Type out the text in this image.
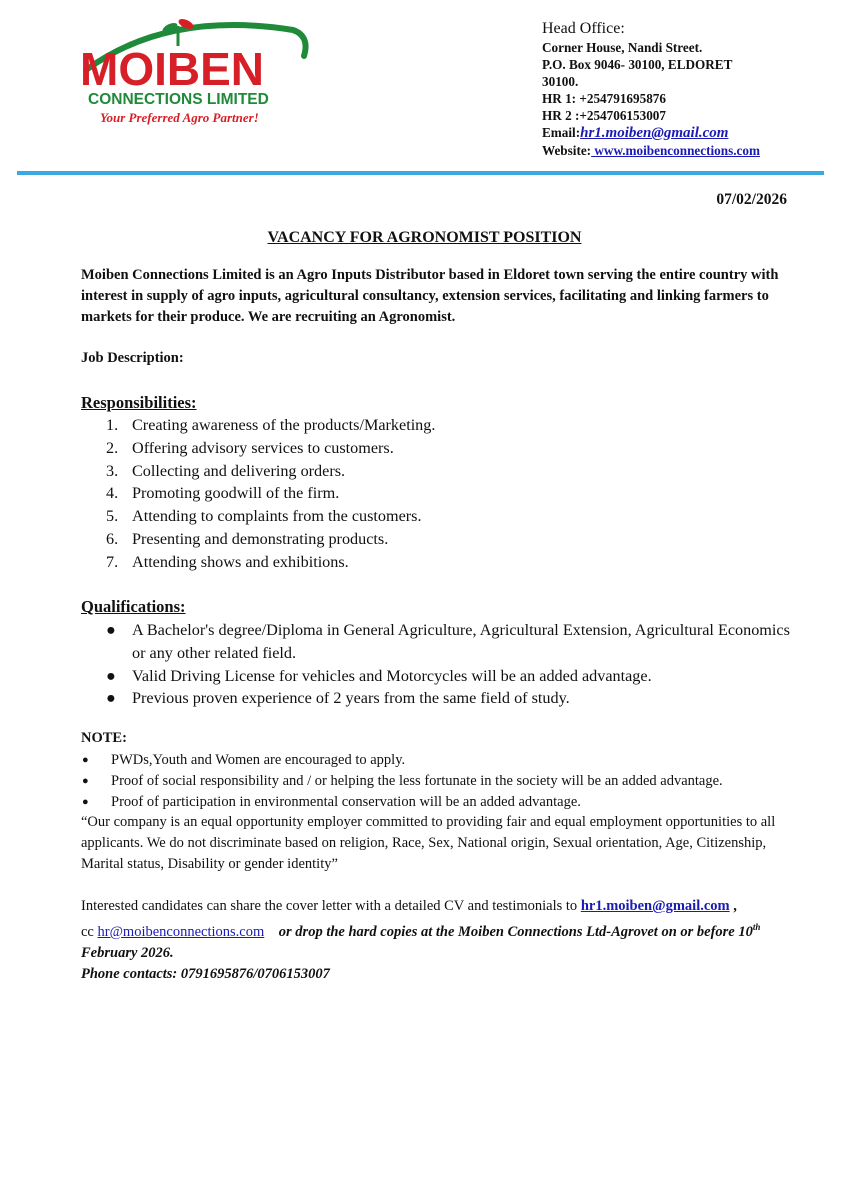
MOIBEN
CONNECTIONS LIMITED
Your Preferred Agro Partner!
Head Office:
Corner House, Nandi Street.
P.O. Box 9046- 30100, ELDORET
30100.
HR 1: +254791695876
HR 2 :+254706153007
Email:hr1.moiben@gmail.com
Website: www.moibenconnections.com
07/02/2026
VACANCY FOR AGRONOMIST POSITION
Moiben Connections Limited is an Agro Inputs Distributor based in Eldoret town serving the entire country with interest in supply of agro inputs, agricultural consultancy, extension services, facilitating and linking farmers to markets for their produce. We are recruiting an Agronomist.
Job Description:
Responsibilities:
1. Creating awareness of the products/Marketing.
2. Offering advisory services to customers.
3. Collecting and delivering orders.
4. Promoting goodwill of the firm.
5. Attending to complaints from the customers.
6. Presenting and demonstrating products.
7. Attending shows and exhibitions.
Qualifications:
● A Bachelor's degree/Diploma in General Agriculture, Agricultural Extension, Agricultural Economics or any other related field.
● Valid Driving License for vehicles and Motorcycles will be an added advantage.
● Previous proven experience of 2 years from the same field of study.
NOTE:
● PWDs,Youth and Women are encouraged to apply.
● Proof of social responsibility and / or helping the less fortunate in the society will be an added advantage.
● Proof of participation in environmental conservation will be an added advantage.
“Our company is an equal opportunity employer committed to providing fair and equal employment opportunities to all applicants. We do not discriminate based on religion, Race, Sex, National origin, Sexual orientation, Age, Citizenship, Marital status, Disability or gender identity”
Interested candidates can share the cover letter with a detailed CV and testimonials to hr1.moiben@gmail.com ,
cc hr@moibenconnections.com    or drop the hard copies at the Moiben Connections Ltd-Agrovet on or before 10th February 2026.
Phone contacts: 0791695876/0706153007
